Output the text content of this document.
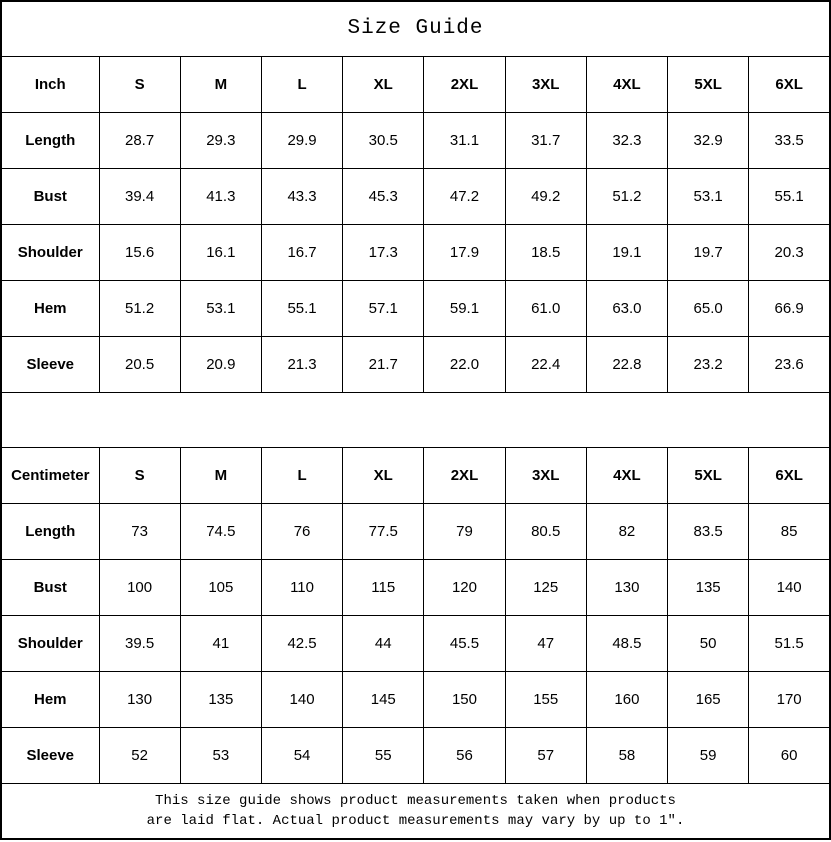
Size Guide									
Inch	S	M	L	XL	2XL	3XL	4XL	5XL	6XL
Length	28.7	29.3	29.9	30.5	31.1	31.7	32.3	32.9	33.5
Bust	39.4	41.3	43.3	45.3	47.2	49.2	51.2	53.1	55.1
Shoulder	15.6	16.1	16.7	17.3	17.9	18.5	19.1	19.7	20.3
Hem	51.2	53.1	55.1	57.1	59.1	61.0	63.0	65.0	66.9
Sleeve	20.5	20.9	21.3	21.7	22.0	22.4	22.8	23.2	23.6

Centimeter	S	M	L	XL	2XL	3XL	4XL	5XL	6XL
Length	73	74.5	76	77.5	79	80.5	82	83.5	85
Bust	100	105	110	115	120	125	130	135	140
Shoulder	39.5	41	42.5	44	45.5	47	48.5	50	51.5
Hem	130	135	140	145	150	155	160	165	170
Sleeve	52	53	54	55	56	57	58	59	60

This size guide shows product measurements taken when products
are laid flat. Actual product measurements may vary by up to 1″.									
